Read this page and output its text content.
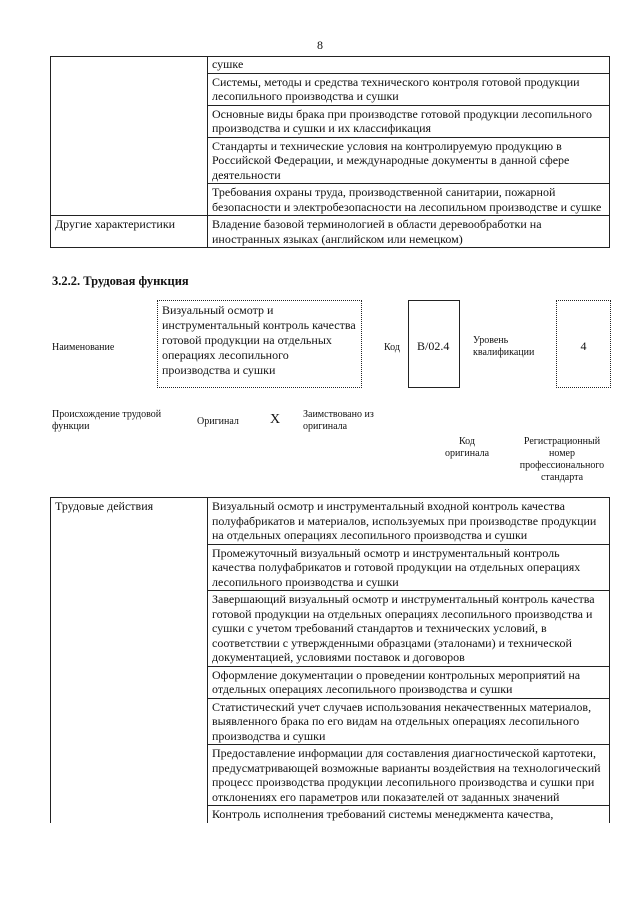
8
	сушке
	Системы, методы и средства технического контроля готовой продукции лесопильного производства и сушки
	Основные виды брака при производстве готовой продукции лесопильного производства и сушки и их классификация
	Стандарты и технические условия на контролируемую продукцию в Российской Федерации, и международные документы в данной сфере деятельности
	Требования охраны труда, производственной санитарии, пожарной безопасности и электробезопасности на лесопильном производстве и сушке
Другие характеристики	Владение базовой терминологией в области деревообработки на иностранных языках (английском или немецком)
3.2.2. Трудовая функция
Наименование
Визуальный осмотр и инструментальный контроль качества готовой продукции на отдельных операциях лесопильного производства и сушки
Код	B/02.4	Уровень квалификации	4
Происхождение трудовой функции	Оригинал X Заимствовано из оригинала
Код оригинала
Регистрационный номер профессионального стандарта
Трудовые действия	Визуальный осмотр и инструментальный входной контроль качества полуфабрикатов и материалов, используемых при производстве продукции на отдельных операциях лесопильного производства и сушки
Промежуточный визуальный осмотр и инструментальный контроль качества полуфабрикатов и готовой продукции на отдельных операциях лесопильного производства и сушки
Завершающий визуальный осмотр и инструментальный контроль качества готовой продукции на отдельных операциях лесопильного производства и сушки с учетом требований стандартов и технических условий, в соответствии с утвержденными образцами (эталонами) и технической документацией, условиями поставок и договоров
Оформление документации о проведении контрольных мероприятий на отдельных операциях лесопильного производства и сушки
Статистический учет случаев использования некачественных материалов, выявленного брака по его видам на отдельных операциях лесопильного производства и сушки
Предоставление информации для составления диагностической картотеки, предусматривающей возможные варианты воздействия на технологический процесс производства продукции лесопильного производства и сушки при отклонениях его параметров или показателей от заданных значений
Контроль исполнения требований системы менеджмента качества,
